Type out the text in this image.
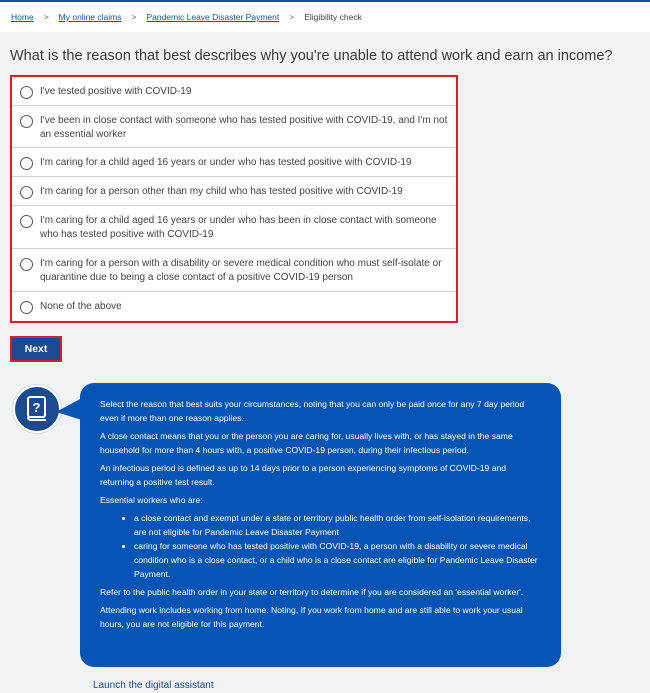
Home > My online claims > Pandemic Leave Disaster Payment > Eligibility check
What is the reason that best describes why you're unable to attend work and earn an income?
I've tested positive with COVID-19
I've been in close contact with someone who has tested positive with COVID-19, and I'm not an essential worker
I'm caring for a child aged 16 years or under who has tested positive with COVID-19
I'm caring for a person other than my child who has tested positive with COVID-19
I'm caring for a child aged 16 years or under who has been in close contact with someone who has tested positive with COVID-19
I'm caring for a person with a disability or severe medical condition who must self-isolate or quarantine due to being a close contact of a positive COVID-19 person
None of the above
Next
?	Select the reason that best suits your circumstances, noting that you can only be paid once for any 7 day period even if more than one reason applies.

A close contact means that you or the person you are caring for, usually lives with, or has stayed in the same household for more than 4 hours with, a positive COVID-19 person, during their infectious period.

An infectious period is defined as up to 14 days prior to a person experiencing symptoms of COVID-19 and returning a positive test result.

Essential workers who are:

• a close contact and exempt under a state or territory public health order from self-isolation requirements, are not eligible for Pandemic Leave Disaster Payment
• caring for someone who has tested positive with COVID-19, a person with a disability or severe medical condition who is a close contact, or a child who is a close contact are eligible for Pandemic Leave Disaster Payment.

Refer to the public health order in your state or territory to determine if you are considered an 'essential worker'.

Attending work includes working from home. Noting, If you work from home and are still able to work your usual hours, you are not eligible for this payment.

Launch the digital assistant
